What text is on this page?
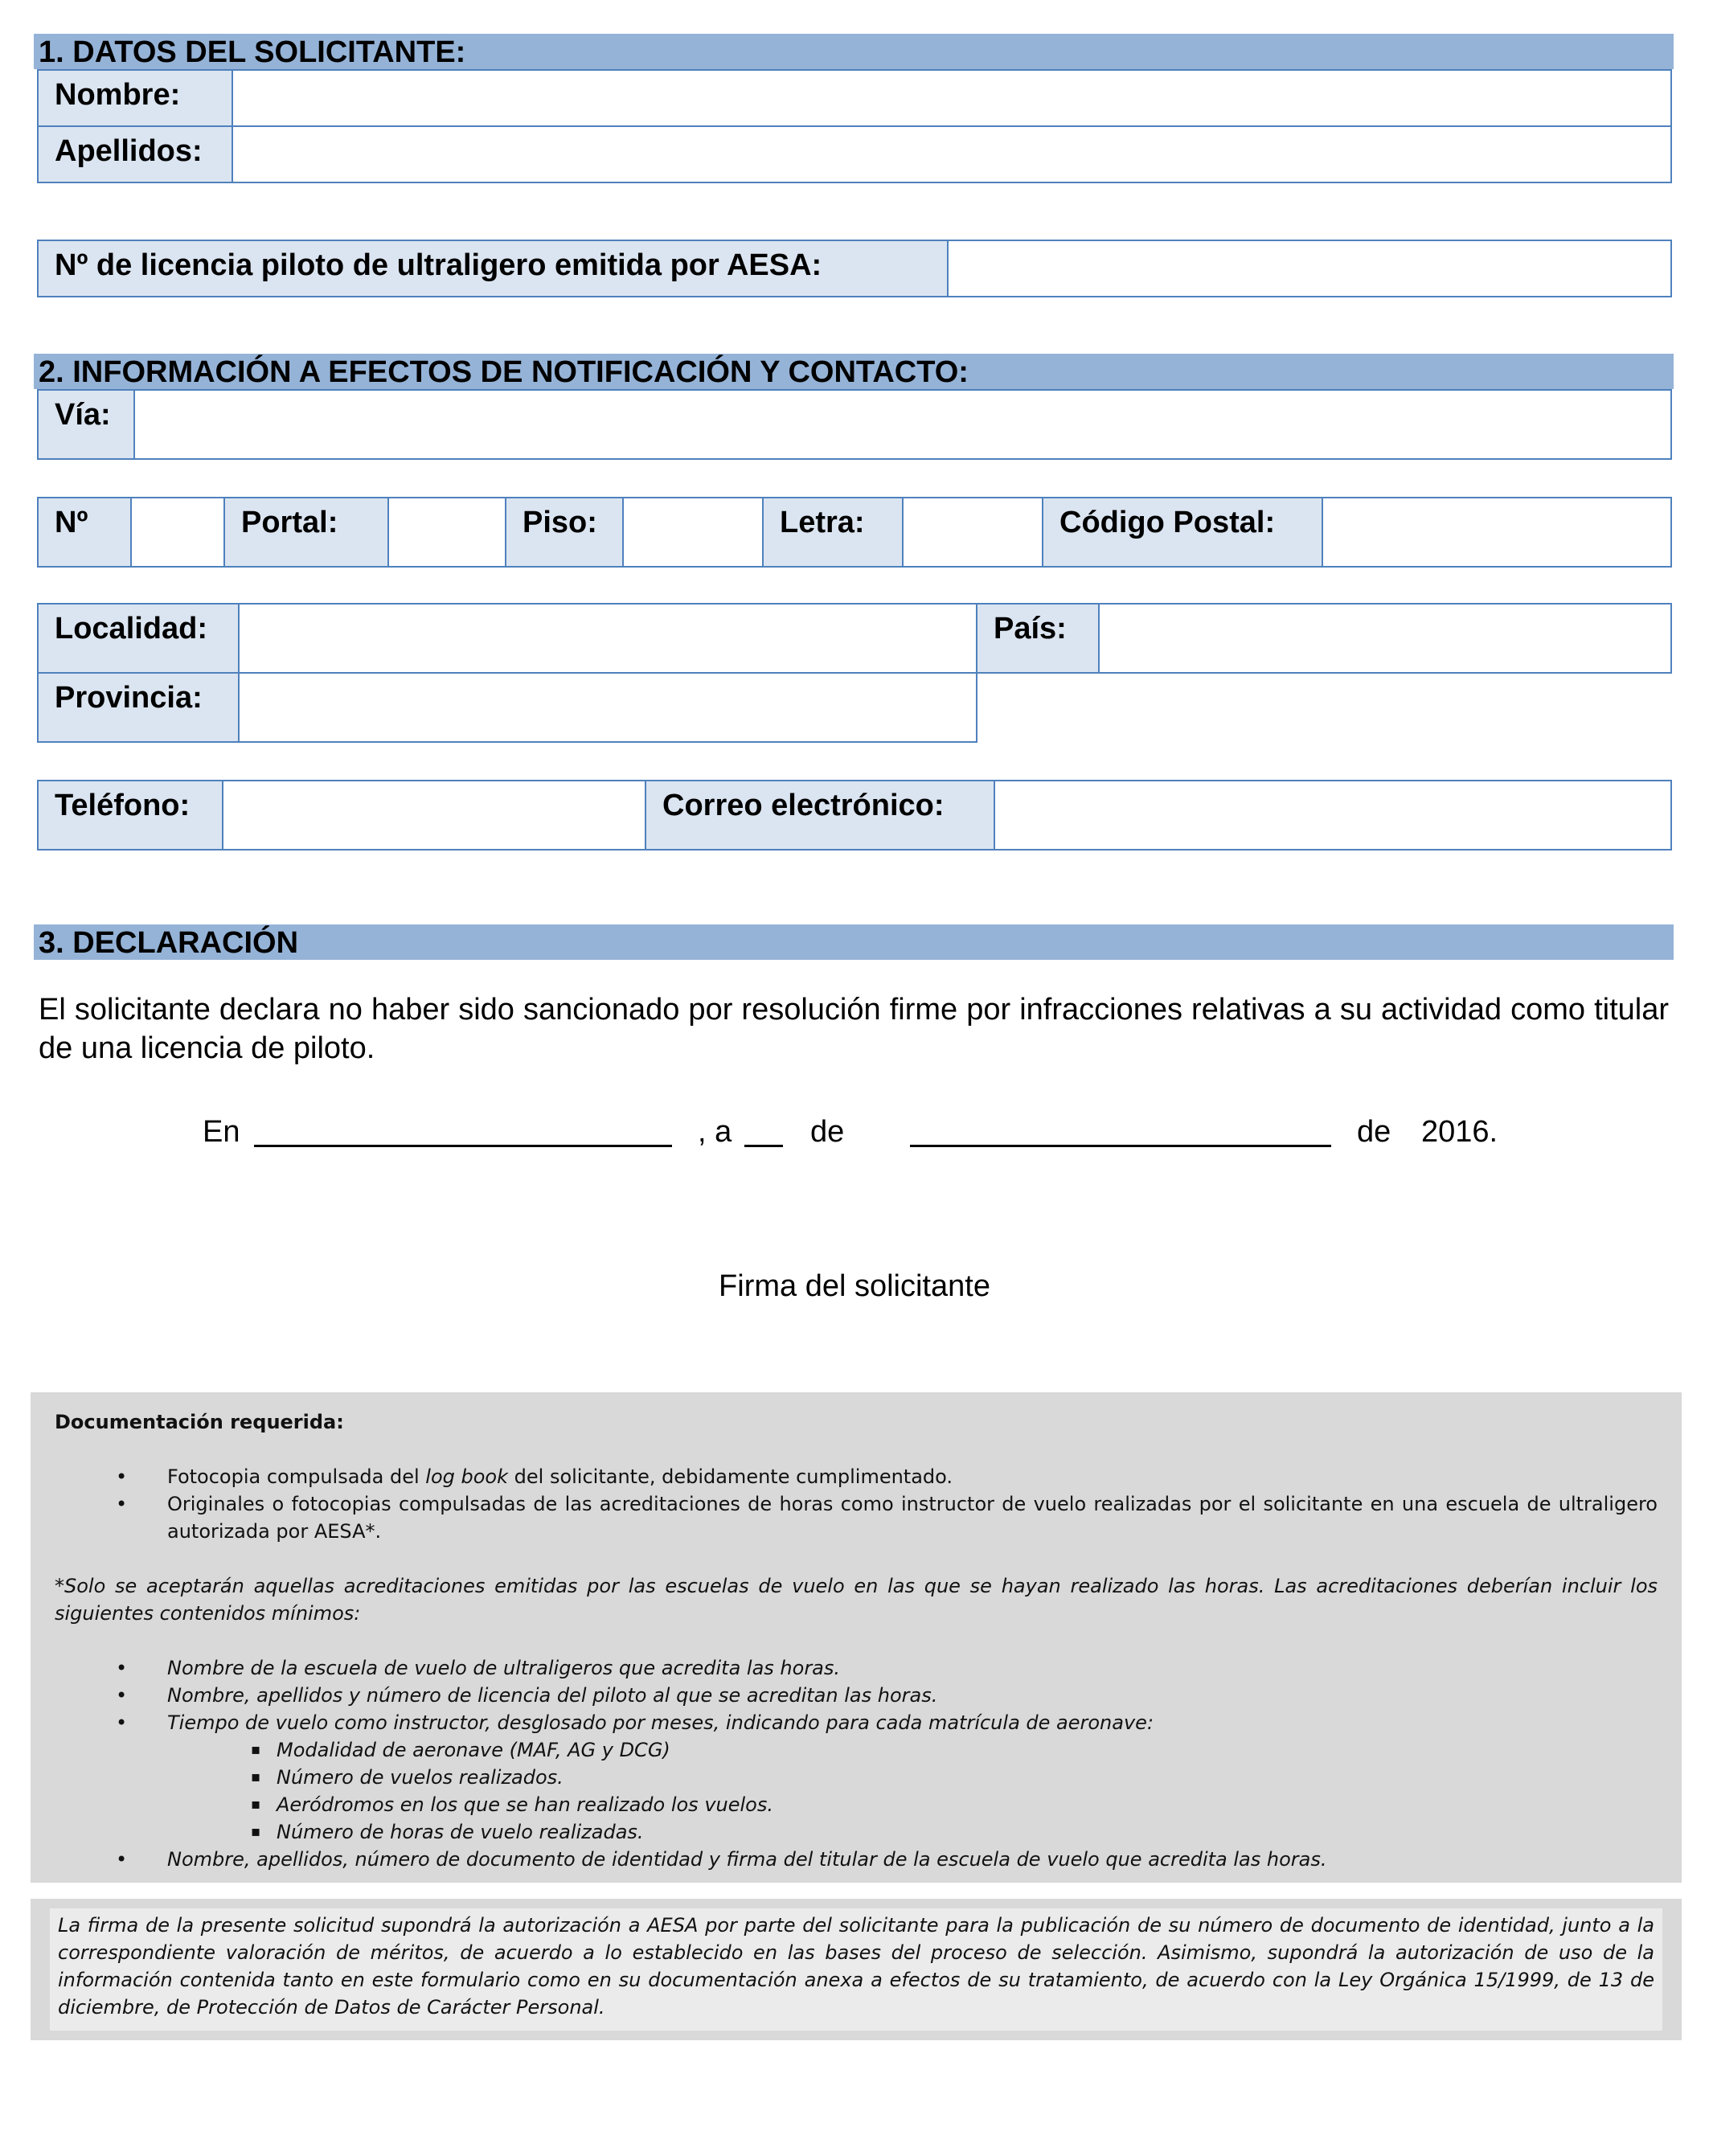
1. DATOS DEL SOLICITANTE:
Nombre:	
Apellidos:	
Nº de licencia piloto de ultraligero emitida por AESA:	
2. INFORMACIÓN A EFECTOS DE NOTIFICACIÓN Y CONTACTO:
Vía:	
Nº		Portal:		Piso:		Letra:		Código Postal:	
Localidad:		País:	
Provincia:			
Teléfono:		Correo electrónico:	
3. DECLARACIÓN
El solicitante declara no haber sido sancionado por resolución firme por infracciones relativas a su actividad como titular de una licencia de piloto.
En	, a	de	de 2016.
Firma del solicitante
Documentación requerida:
• Fotocopia compulsada del log book del solicitante, debidamente cumplimentado.
• Originales o fotocopias compulsadas de las acreditaciones de horas como instructor de vuelo realizadas por el solicitante en una escuela de ultraligero autorizada por AESA*.

*Solo se aceptarán aquellas acreditaciones emitidas por las escuelas de vuelo en las que se hayan realizado las horas. Las acreditaciones deberían incluir los siguientes contenidos mínimos:

• Nombre de la escuela de vuelo de ultraligeros que acredita las horas.
• Nombre, apellidos y número de licencia del piloto al que se acreditan las horas.
• Tiempo de vuelo como instructor, desglosado por meses, indicando para cada matrícula de aeronave:
▪ Modalidad de aeronave (MAF, AG y DCG)
▪ Número de vuelos realizados.
▪ Aeródromos en los que se han realizado los vuelos.
▪ Número de horas de vuelo realizadas.
• Nombre, apellidos, número de documento de identidad y firma del titular de la escuela de vuelo que acredita las horas.
La firma de la presente solicitud supondrá la autorización a AESA por parte del solicitante para la publicación de su número de documento de identidad, junto a la correspondiente valoración de méritos, de acuerdo a lo establecido en las bases del proceso de selección. Asimismo, supondrá la autorización de uso de la información contenida tanto en este formulario como en su documentación anexa a efectos de su tratamiento, de acuerdo con la Ley Orgánica 15/1999, de 13 de diciembre, de Protección de Datos de Carácter Personal.
